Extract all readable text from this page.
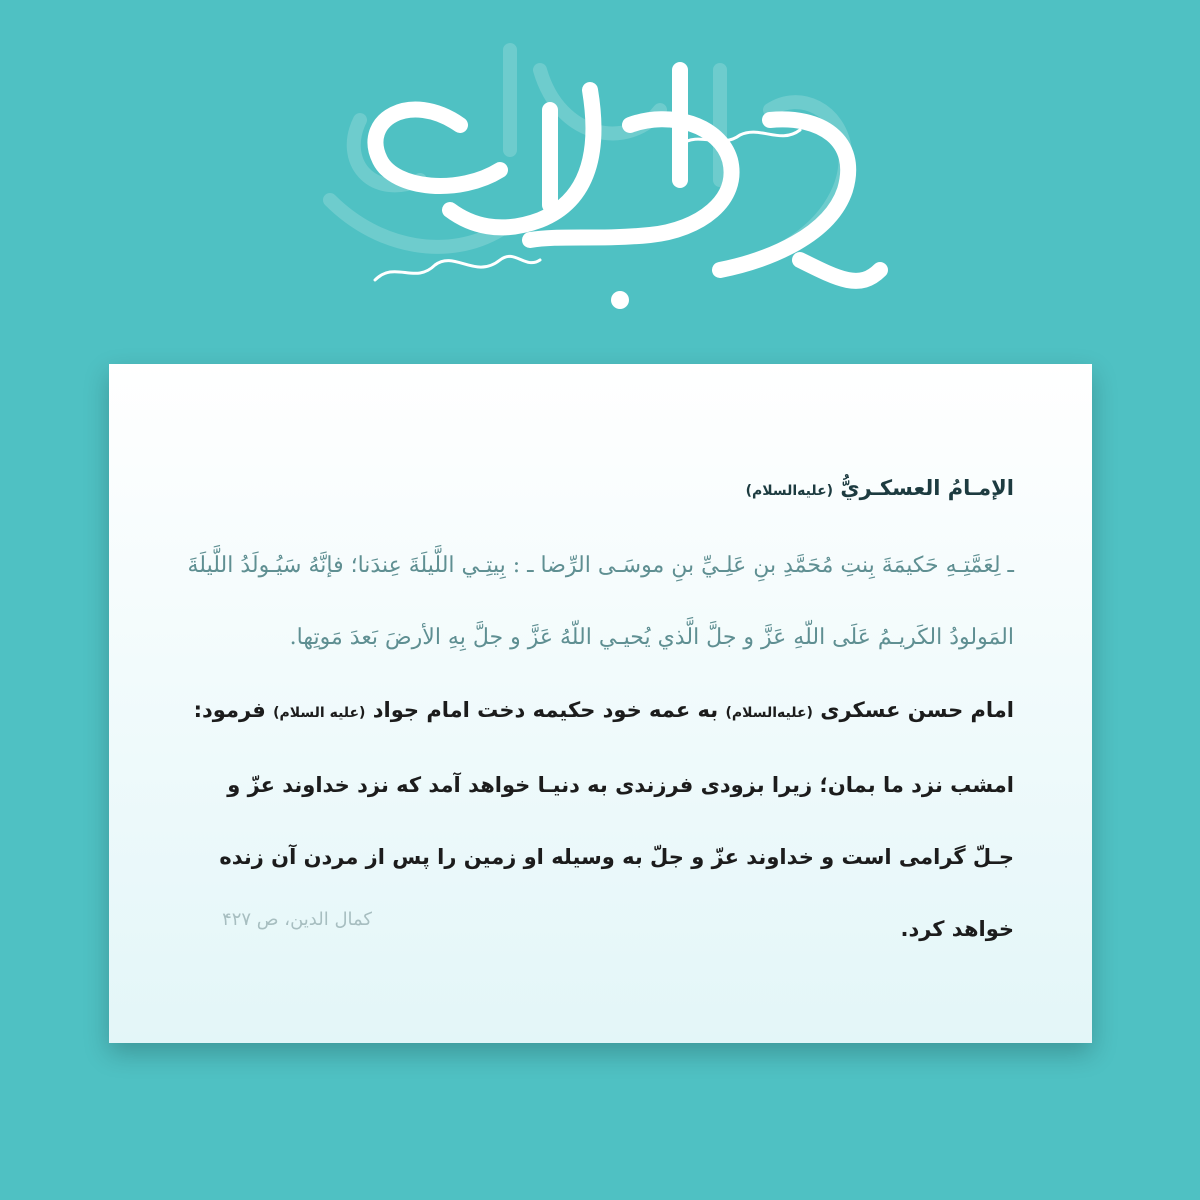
الإمـامُ العسكـريُّ (عليه‌السلام)
ـ لِعَمَّتِـهِ حَكيمَةَ بِنتِ مُحَمَّدِ بنِ عَلِـيِّ بنِ موسَـى الرِّضا ـ : بِيتِـي اللَّيلَةَ عِندَنا؛ فإنَّهُ سَيُـولَدُ اللَّيلَةَ المَولودُ الكَريـمُ عَلَى اللّهِ عَزَّ و جلَّ الَّذي يُحيـي اللّهُ عَزَّ و جلَّ بِهِ الأرضَ بَعدَ مَوتِها.
امام حسن عسکری (علیه‌السلام) به عمه خود حکیمه دخت امام جواد (علیه السلام) فرمود: امشب نزد ما بمان؛ زیرا بزودی فرزندی به دنیـا خواهد آمد که نزد خداوند عزّ و جـلّ گرامی است و خداوند عزّ و جلّ به وسیله او زمین را پس از مردن آن زنده خواهد کرد.
کمال الدین، ص ۴۲۷
